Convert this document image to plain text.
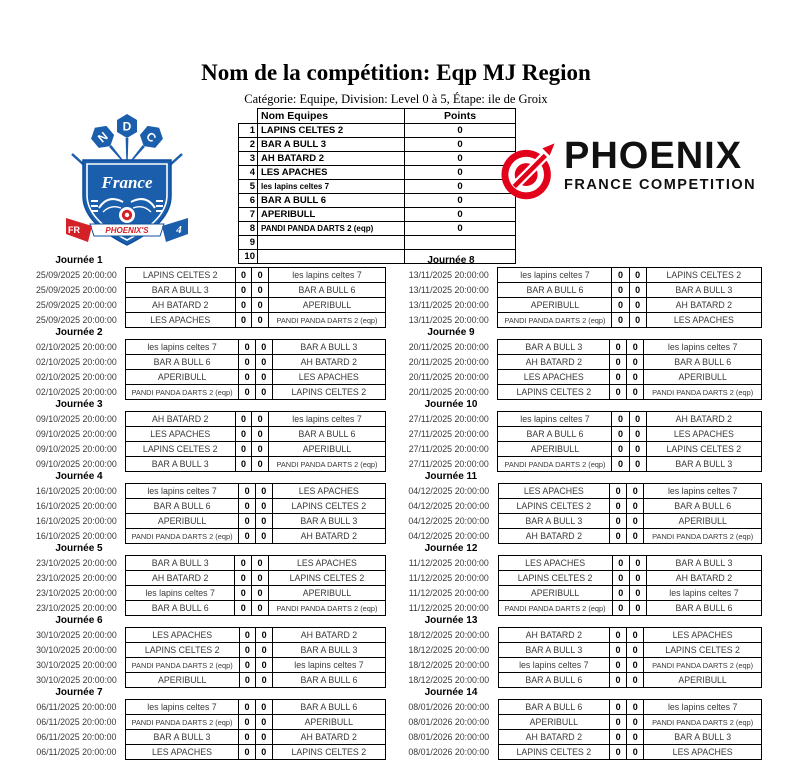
Nom de la compétition: Eqp MJ Region
Catégorie: Equipe, Division: Level 0 à 5, Étape: ile de Groix
N
D
C
France
PHOENIX'S
FR	4
	Nom Equipes	Points
1	LAPINS CELTES 2	0
2	BAR A BULL 3	0
3	AH BATARD 2	0
4	LES APACHES	0
5	les lapins celtes 7	0
6	BAR A BULL 6	0
7	APERIBULL	0
8	PANDI PANDA DARTS 2 (eqp)	0
9		
10		
PHOENIX
FRANCE COMPETITION
Journée 1
25/09/2025 20:00:00	LAPINS CELTES 2	0	0	les lapins celtes 7
25/09/2025 20:00:00	BAR A BULL 3	0	0	BAR A BULL 6
25/09/2025 20:00:00	AH BATARD 2	0	0	APERIBULL
25/09/2025 20:00:00	LES APACHES	0	0	PANDI PANDA DARTS 2 (eqp)
Journée 2
02/10/2025 20:00:00	les lapins celtes 7	0	0	BAR A BULL 3
02/10/2025 20:00:00	BAR A BULL 6	0	0	AH BATARD 2
02/10/2025 20:00:00	APERIBULL	0	0	LES APACHES
02/10/2025 20:00:00	PANDI PANDA DARTS 2 (eqp)	0	0	LAPINS CELTES 2
Journée 3
09/10/2025 20:00:00	AH BATARD 2	0	0	les lapins celtes 7
09/10/2025 20:00:00	LES APACHES	0	0	BAR A BULL 6
09/10/2025 20:00:00	LAPINS CELTES 2	0	0	APERIBULL
09/10/2025 20:00:00	BAR A BULL 3	0	0	PANDI PANDA DARTS 2 (eqp)
Journée 4
16/10/2025 20:00:00	les lapins celtes 7	0	0	LES APACHES
16/10/2025 20:00:00	BAR A BULL 6	0	0	LAPINS CELTES 2
16/10/2025 20:00:00	APERIBULL	0	0	BAR A BULL 3
16/10/2025 20:00:00	PANDI PANDA DARTS 2 (eqp)	0	0	AH BATARD 2
Journée 5
23/10/2025 20:00:00	BAR A BULL 3	0	0	LES APACHES
23/10/2025 20:00:00	AH BATARD 2	0	0	LAPINS CELTES 2
23/10/2025 20:00:00	les lapins celtes 7	0	0	APERIBULL
23/10/2025 20:00:00	BAR A BULL 6	0	0	PANDI PANDA DARTS 2 (eqp)
Journée 6
30/10/2025 20:00:00	LES APACHES	0	0	AH BATARD 2
30/10/2025 20:00:00	LAPINS CELTES 2	0	0	BAR A BULL 3
30/10/2025 20:00:00	PANDI PANDA DARTS 2 (eqp)	0	0	les lapins celtes 7
30/10/2025 20:00:00	APERIBULL	0	0	BAR A BULL 6
Journée 7
06/11/2025 20:00:00	les lapins celtes 7	0	0	BAR A BULL 6
06/11/2025 20:00:00	PANDI PANDA DARTS 2 (eqp)	0	0	APERIBULL
06/11/2025 20:00:00	BAR A BULL 3	0	0	AH BATARD 2
06/11/2025 20:00:00	LES APACHES	0	0	LAPINS CELTES 2
Journée 8
13/11/2025 20:00:00	les lapins celtes 7	0	0	LAPINS CELTES 2
13/11/2025 20:00:00	BAR A BULL 6	0	0	BAR A BULL 3
13/11/2025 20:00:00	APERIBULL	0	0	AH BATARD 2
13/11/2025 20:00:00	PANDI PANDA DARTS 2 (eqp)	0	0	LES APACHES
Journée 9
20/11/2025 20:00:00	BAR A BULL 3	0	0	les lapins celtes 7
20/11/2025 20:00:00	AH BATARD 2	0	0	BAR A BULL 6
20/11/2025 20:00:00	LES APACHES	0	0	APERIBULL
20/11/2025 20:00:00	LAPINS CELTES 2	0	0	PANDI PANDA DARTS 2 (eqp)
Journée 10
27/11/2025 20:00:00	les lapins celtes 7	0	0	AH BATARD 2
27/11/2025 20:00:00	BAR A BULL 6	0	0	LES APACHES
27/11/2025 20:00:00	APERIBULL	0	0	LAPINS CELTES 2
27/11/2025 20:00:00	PANDI PANDA DARTS 2 (eqp)	0	0	BAR A BULL 3
Journée 11
04/12/2025 20:00:00	LES APACHES	0	0	les lapins celtes 7
04/12/2025 20:00:00	LAPINS CELTES 2	0	0	BAR A BULL 6
04/12/2025 20:00:00	BAR A BULL 3	0	0	APERIBULL
04/12/2025 20:00:00	AH BATARD 2	0	0	PANDI PANDA DARTS 2 (eqp)
Journée 12
11/12/2025 20:00:00	LES APACHES	0	0	BAR A BULL 3
11/12/2025 20:00:00	LAPINS CELTES 2	0	0	AH BATARD 2
11/12/2025 20:00:00	APERIBULL	0	0	les lapins celtes 7
11/12/2025 20:00:00	PANDI PANDA DARTS 2 (eqp)	0	0	BAR A BULL 6
Journée 13
18/12/2025 20:00:00	AH BATARD 2	0	0	LES APACHES
18/12/2025 20:00:00	BAR A BULL 3	0	0	LAPINS CELTES 2
18/12/2025 20:00:00	les lapins celtes 7	0	0	PANDI PANDA DARTS 2 (eqp)
18/12/2025 20:00:00	BAR A BULL 6	0	0	APERIBULL
Journée 14
08/01/2026 20:00:00	BAR A BULL 6	0	0	les lapins celtes 7
08/01/2026 20:00:00	APERIBULL	0	0	PANDI PANDA DARTS 2 (eqp)
08/01/2026 20:00:00	AH BATARD 2	0	0	BAR A BULL 3
08/01/2026 20:00:00	LAPINS CELTES 2	0	0	LES APACHES
